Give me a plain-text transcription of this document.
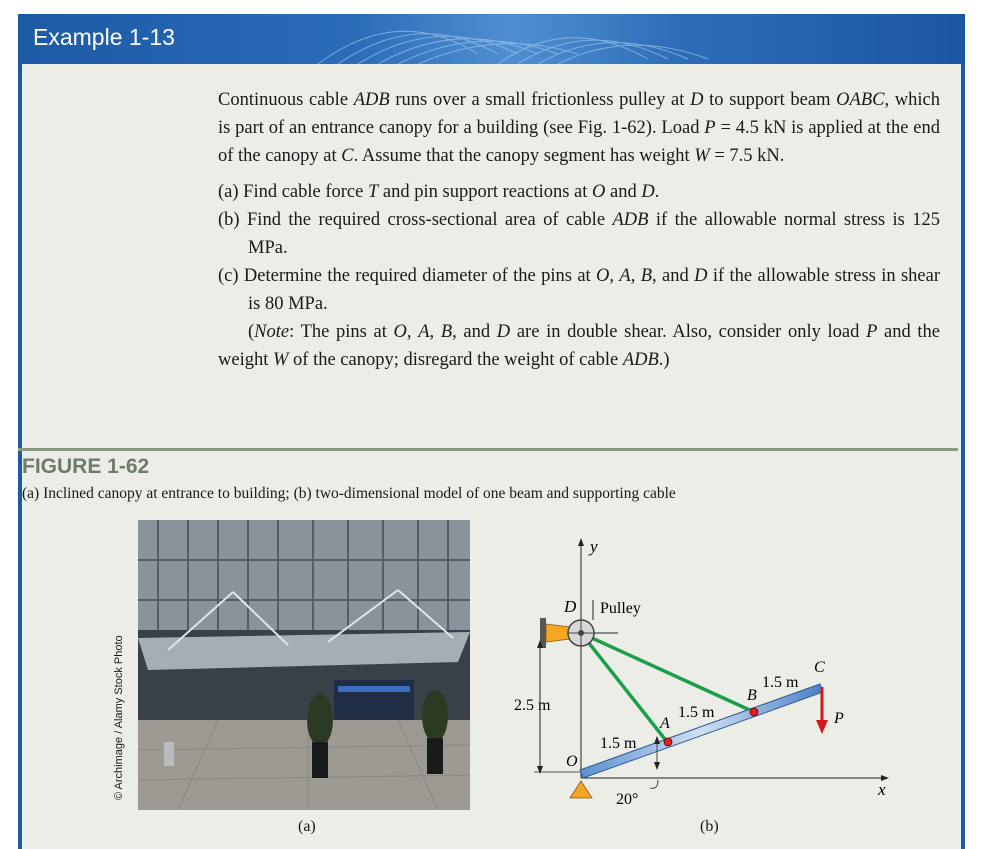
Example 1-13

Continuous cable ADB runs over a small frictionless pulley at D to support beam OABC, which is part of an entrance canopy for a building (see Fig. 1-62). Load P = 4.5 kN is applied at the end of the canopy at C. Assume that the canopy segment has weight W = 7.5 kN.

(a) Find cable force T and pin support reactions at O and D.

(b) Find the required cross-sectional area of cable ADB if the allowable normal stress is 125 MPa.

(c) Determine the required diameter of the pins at O, A, B, and D if the allowable stress in shear is 80 MPa.

(Note: The pins at O, A, B, and D are in double shear. Also, consider only load P and the weight W of the canopy; disregard the weight of cable ADB.)

FIGURE 1-62
(a) Inclined canopy at entrance to building; (b) two-dimensional model of one beam and supporting cable
© Archimage / Alamy Stock Photo
(a)
y
x
D Pulley
2.5 m
O
A
B
C
1.5 m
1.5 m
1.5 m
P
20°
(b)
